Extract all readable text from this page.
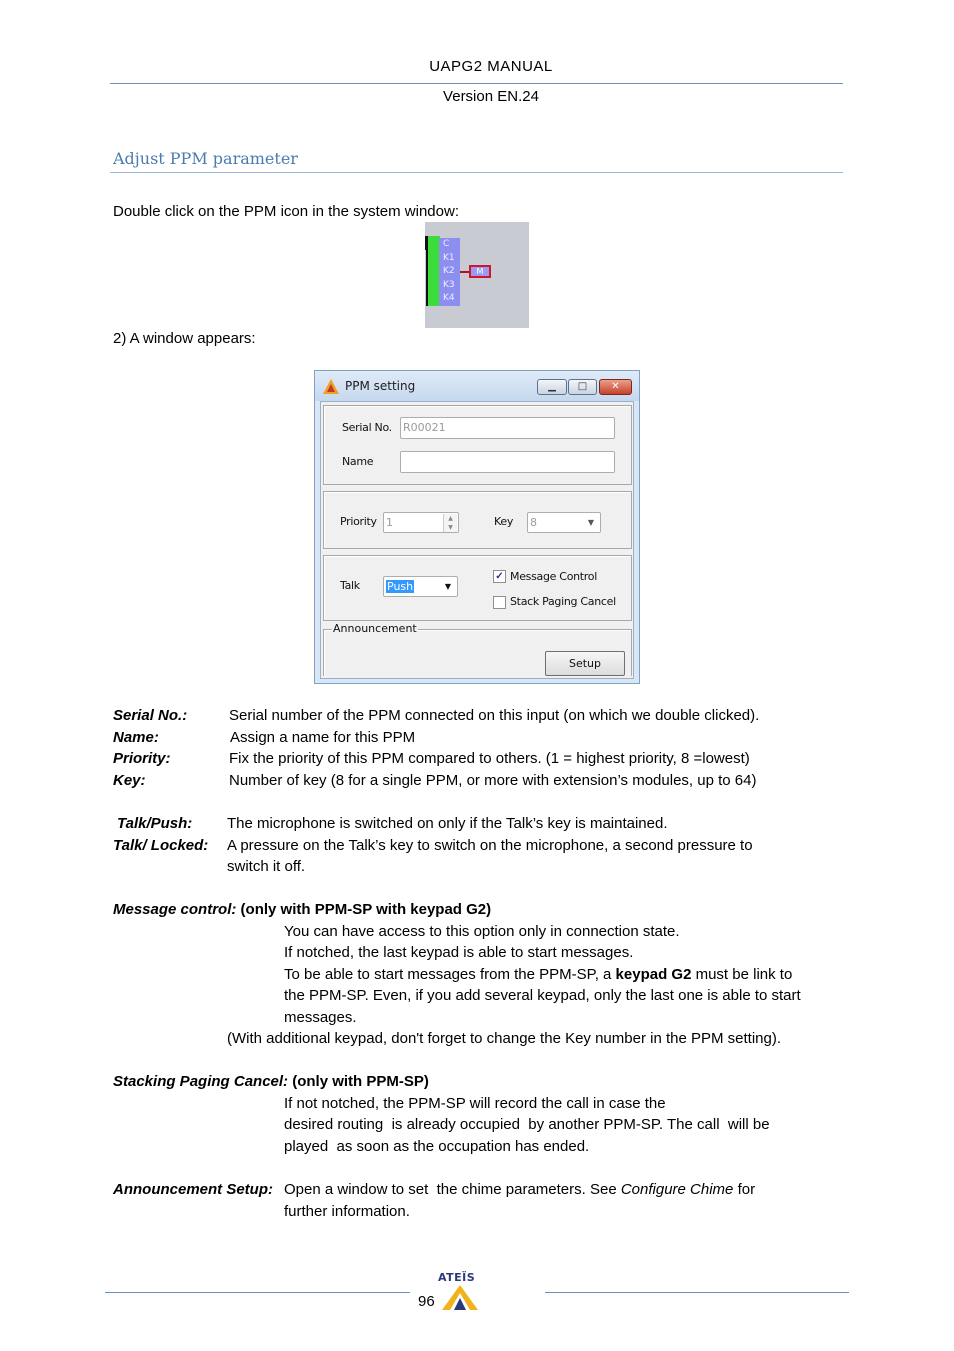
UAPG2 MANUAL
Version EN.24
Adjust PPM parameter
Double click on the PPM icon in the system window:
C
K1
K2
K3
K4
M
2) A window appears:
PPM setting	▁	□	✕
Serial No. R00021
Name
Priority 1	▲
▼	Key 8	▼
Talk	Push	▼
✓ Message Control
Stack Paging Cancel
Announcement
Setup
Serial No.:	Serial number of the PPM connected on this input (on which we double clicked).
Name:	Assign a name for this PPM
Priority:	Fix the priority of this PPM compared to others. (1 = highest priority, 8 =lowest)
Key:	Number of key (8 for a single PPM, or more with extension’s modules, up to 64)
Talk/Push: The microphone is switched on only if the Talk’s key is maintained.
Talk/ Locked: A pressure on the Talk’s key to switch on the microphone, a second pressure to
switch it off.
Message control: (only with PPM-SP with keypad G2)
You can have access to this option only in connection state.
If notched, the last keypad is able to start messages.
To be able to start messages from the PPM-SP, a keypad G2 must be link to
the PPM-SP. Even, if you add several keypad, only the last one is able to start
messages.
(With additional keypad, don't forget to change the Key number in the PPM setting).
Stacking Paging Cancel: (only with PPM-SP)
If not notched, the PPM-SP will record the call in case the
desired routing  is already occupied  by another PPM-SP. The call  will be
played  as soon as the occupation has ended.
Announcement Setup: Open a window to set  the chime parameters. See Configure Chime for
further information.
96
ATEÏS
